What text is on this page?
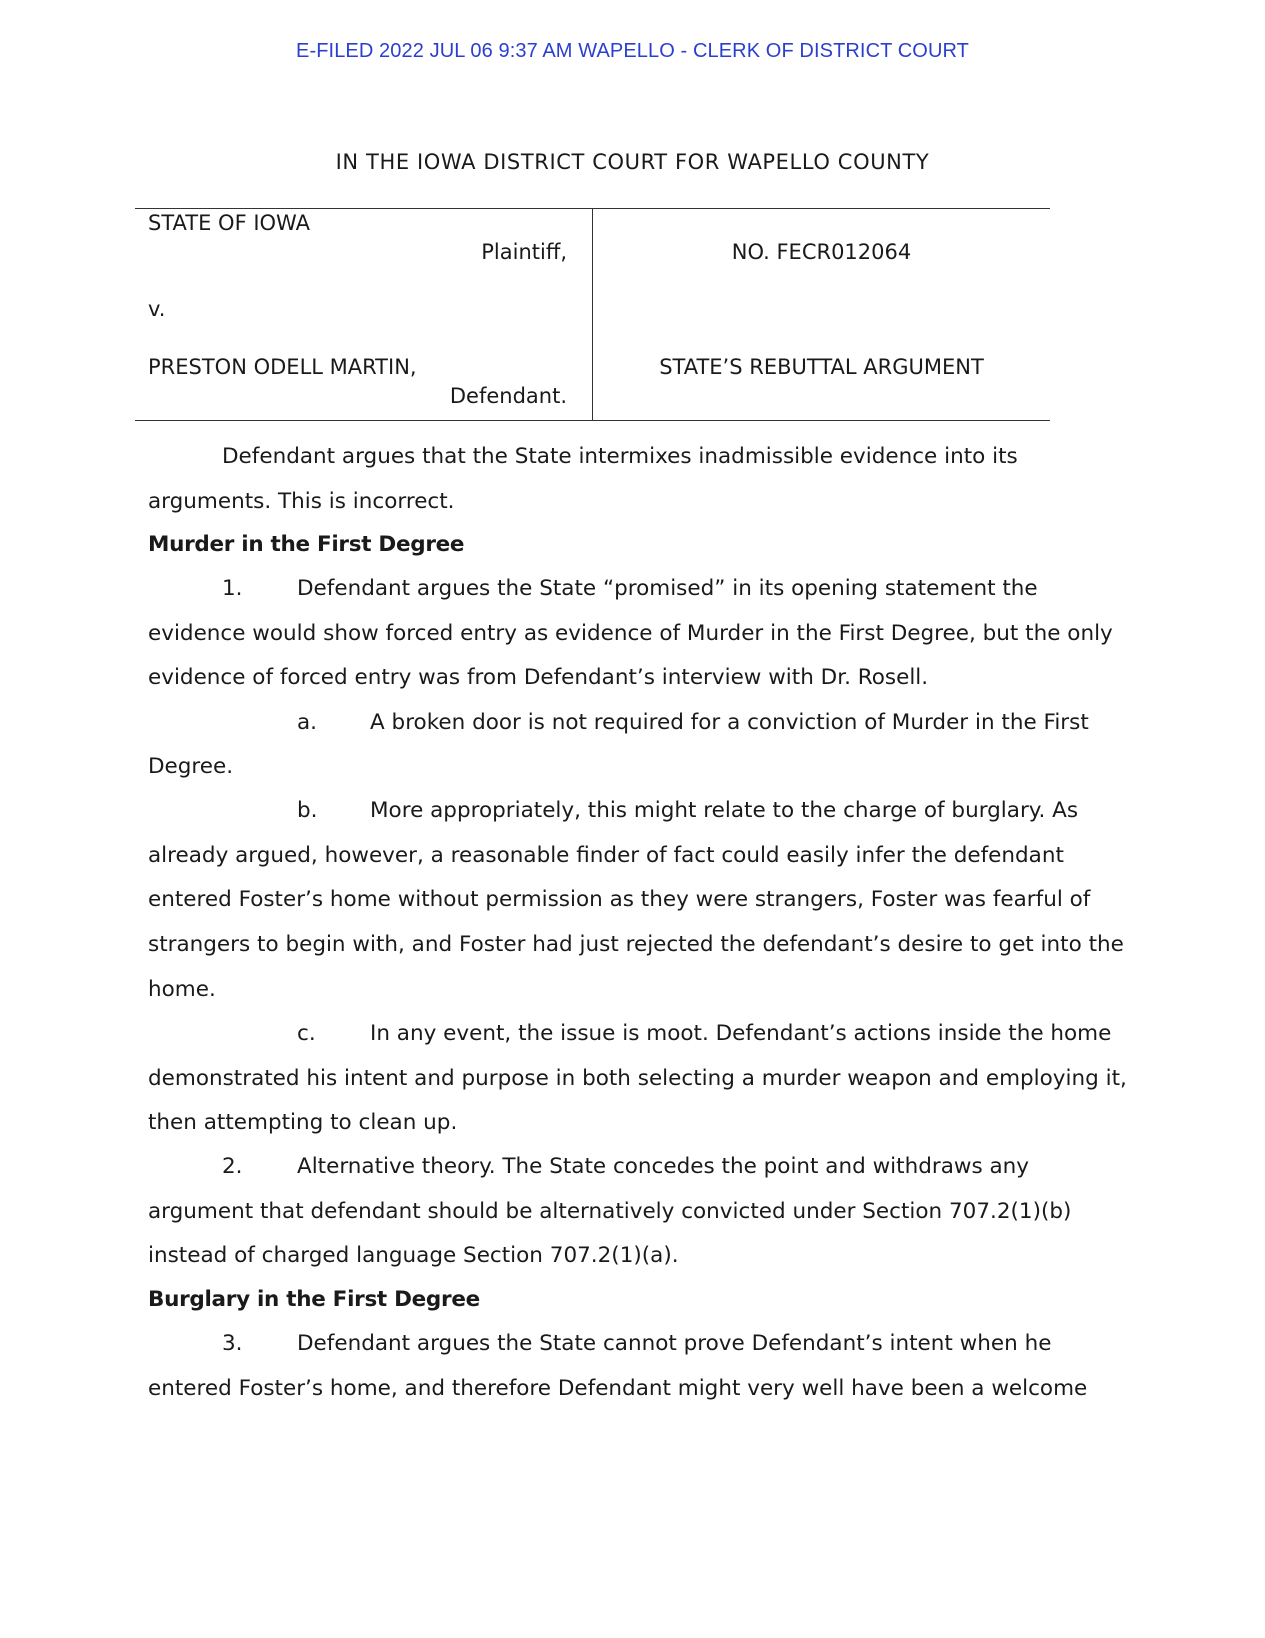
E-FILED 2022 JUL 06 9:37 AM WAPELLO - CLERK OF DISTRICT COURT
IN THE IOWA DISTRICT COURT FOR WAPELLO COUNTY
STATE OF IOWA
Plaintiff,
v.
PRESTON ODELL MARTIN,
Defendant.
NO. FECR012064
STATE’S REBUTTAL ARGUMENT
Defendant argues that the State intermixes inadmissible evidence into its
arguments. This is incorrect.
Murder in the First Degree
1.	Defendant argues the State “promised” in its opening statement the
evidence would show forced entry as evidence of Murder in the First Degree, but the only
evidence of forced entry was from Defendant’s interview with Dr. Rosell.
a. A broken door is not required for a conviction of Murder in the First
Degree.
b. More appropriately, this might relate to the charge of burglary. As
already argued, however, a reasonable finder of fact could easily infer the defendant
entered Foster’s home without permission as they were strangers, Foster was fearful of
strangers to begin with, and Foster had just rejected the defendant’s desire to get into the
home.
c.	In any event, the issue is moot. Defendant’s actions inside the home
demonstrated his intent and purpose in both selecting a murder weapon and employing it,
then attempting to clean up.
2.	Alternative theory. The State concedes the point and withdraws any
argument that defendant should be alternatively convicted under Section 707.2(1)(b)
instead of charged language Section 707.2(1)(a).
Burglary in the First Degree
3.	Defendant argues the State cannot prove Defendant’s intent when he
entered Foster’s home, and therefore Defendant might very well have been a welcome
